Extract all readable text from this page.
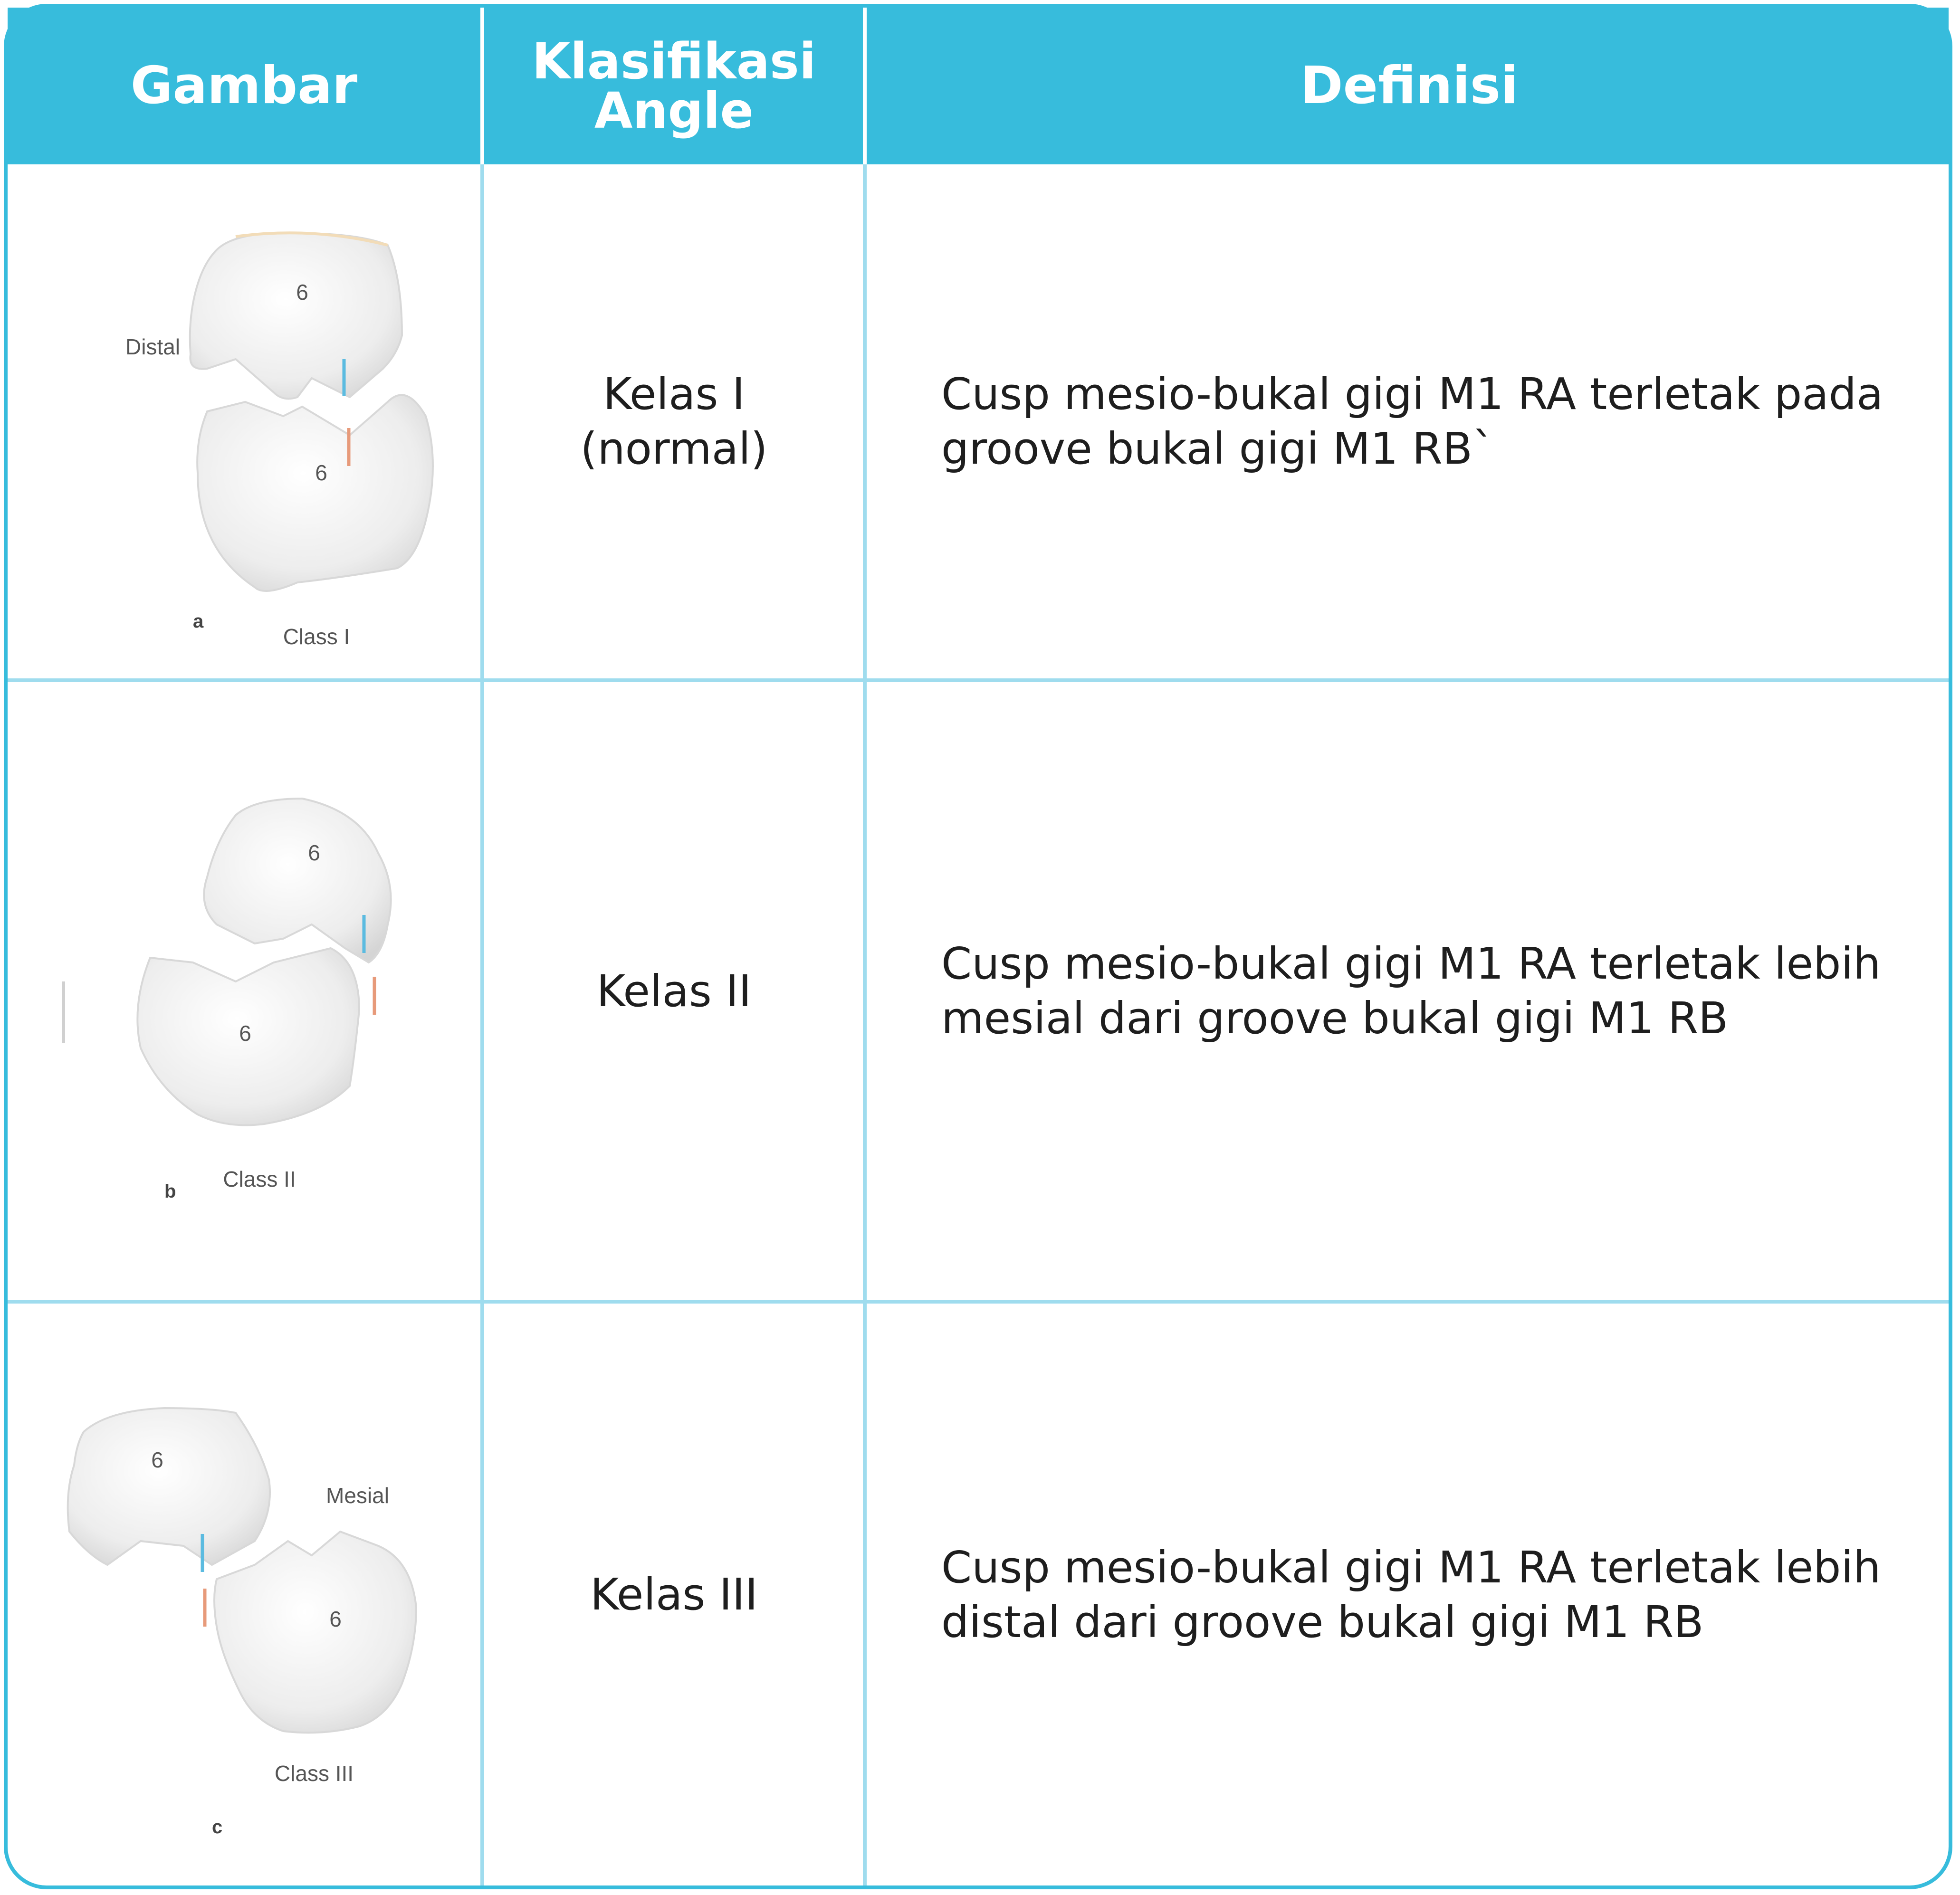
Gambar	Klasifikasi
Angle	Definisi
6
6
Distal
Class I
a
Kelas I
(normal)
Cusp mesio-bukal gigi M1 RA terletak pada
groove bukal gigi M1 RB`
6
6
Class II
b
Kelas II
Cusp mesio-bukal gigi M1 RA terletak lebih
mesial dari groove bukal gigi M1 RB
6
6
Mesial
Class III
c
Kelas III
Cusp mesio-bukal gigi M1 RA terletak lebih
distal dari groove bukal gigi M1 RB
